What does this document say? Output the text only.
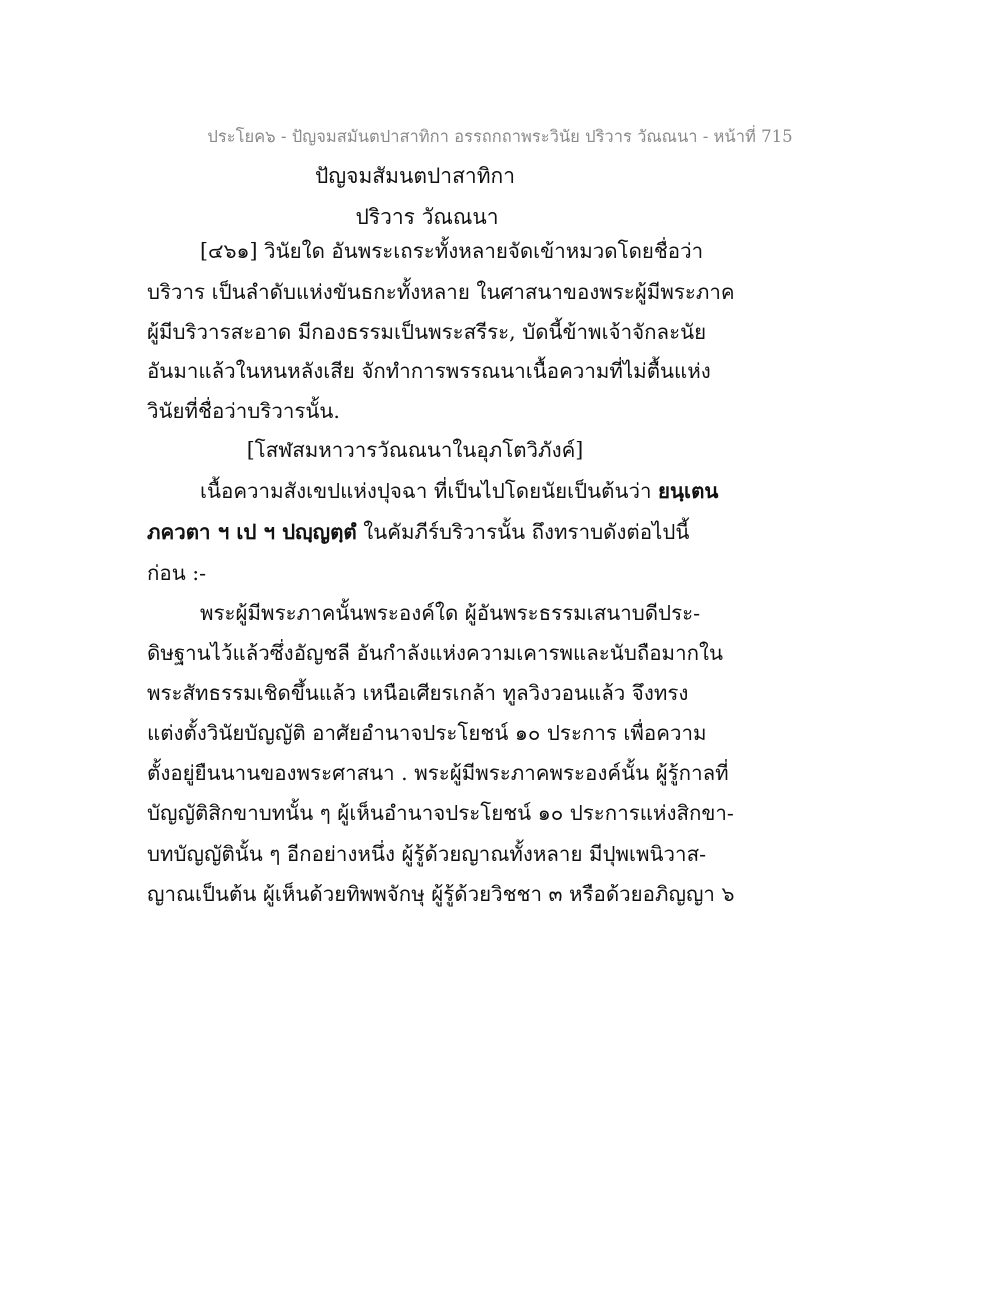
ประโยค๖ - ปัญจมสมันตปาสาทิกา อรรถกถาพระวินัย ปริวาร วัณณนา - หน้าที่ 715
ปัญจมสัมนตปาสาทิกา
ปริวาร วัณณนา
[๔๖๑] วินัยใด อันพระเถระทั้งหลายจัดเข้าหมวดโดยชื่อว่า
บริวาร เป็นลำดับแห่งขันธกะทั้งหลาย ในศาสนาของพระผู้มีพระภาค
ผู้มีบริวารสะอาด มีกองธรรมเป็นพระสรีระ, บัดนี้ข้าพเจ้าจักละนัย
อันมาแล้วในหนหลังเสีย จักทำการพรรณนาเนื้อความที่ไม่ตื้นแห่ง
วินัยที่ชื่อว่าบริวารนั้น.
[โสฬสมหาวารวัณณนาในอุภโตวิภังค์]
เนื้อความสังเขปแห่งปุจฉา ที่เป็นไปโดยนัยเป็นต้นว่า ยนฺเตน
ภควตา ฯ เป ฯ ปญฺญตฺตํ ในคัมภีร์บริวารนั้น ถึงทราบดังต่อไปนี้
ก่อน :-
พระผู้มีพระภาคนั้นพระองค์ใด ผู้อันพระธรรมเสนาบดีประ-
ดิษฐานไว้แล้วซึ่งอัญชลี อันกำลังแห่งความเคารพและนับถือมากใน
พระสัทธรรมเชิดขึ้นแล้ว เหนือเศียรเกล้า ทูลวิงวอนแล้ว จึงทรง
แต่งตั้งวินัยบัญญัติ อาศัยอำนาจประโยชน์ ๑๐ ประการ เพื่อความ
ตั้งอยู่ยืนนานของพระศาสนา . พระผู้มีพระภาคพระองค์นั้น ผู้รู้กาลที่
บัญญัติสิกขาบทนั้น ๆ ผู้เห็นอำนาจประโยชน์ ๑๐ ประการแห่งสิกขา-
บทบัญญัตินั้น ๆ อีกอย่างหนึ่ง ผู้รู้ด้วยญาณทั้งหลาย มีปุพเพนิวาส-
ญาณเป็นต้น ผู้เห็นด้วยทิพพจักษุ ผู้รู้ด้วยวิชชา ๓ หรือด้วยอภิญญา ๖
